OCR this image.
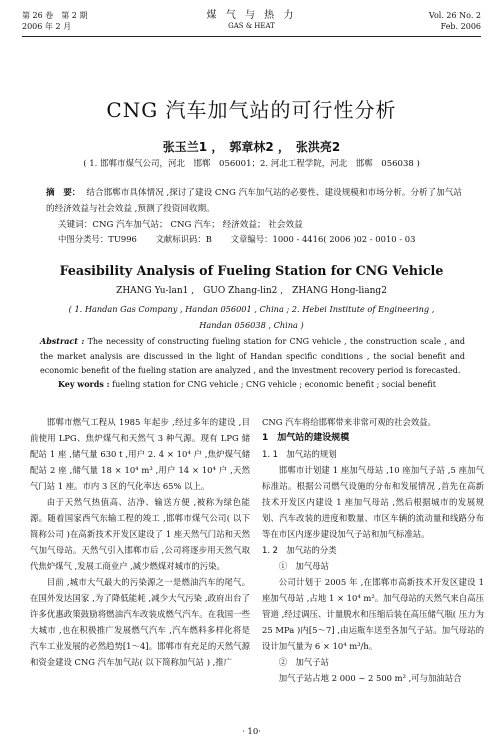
第 26 卷　第 2 期
2006 年 2 月
煤 气 与 热 力
GAS & HEAT
Vol. 26 No. 2
Feb. 2006
CNG 汽车加气站的可行性分析
张玉兰1 ，　郭章林2 ，　张洪亮2
( 1. 邯郸市煤气公司，河北　邯郸　056001；2. 河北工程学院，河北　邯郸　056038 )
摘　要： 结合邯郸市具体情况 ,探讨了建设 CNG 汽车加气站的必要性、建设规模和市场分析。分析了加气站的经济效益与社会效益 ,预测了投资回收期。
关键词：CNG 汽车加气站； CNG 汽车； 经济效益； 社会效益
中图分类号：TU996 文献标识码：B 文章编号：1000 - 4416( 2006 )02 - 0010 - 03
Feasibility Analysis of Fueling Station for CNG Vehicle
ZHANG Yu-lan1 ,　GUO Zhang-lin2 ,　ZHANG Hong-liang2
( 1. Handan Gas Company , Handan 056001 , China ; 2. Hebei Institute of Engineering ,
Handan 056038 , China )
Abstract : The necessity of constructing fueling station for CNG vehicle , the construction scale , and the market analysis are discussed in the light of Handan specific conditions , the social benefit and economic benefit of the fueling station are analyzed , and the investment recovery period is forecasted.
Key words : fueling station for CNG vehicle ; CNG vehicle ; economic benefit ; social benefit

邯郸市燃气工程从 1985 年起步 ,经过多年的建设 ,目前使用 LPG、焦炉煤气和天然气 3 种气源。现有 LPG 储配站 1 座 ,储气量 630 t ,用户 2. 4 × 10⁴ 户 ,焦炉煤气储配站 2 座 ,储气量 18 × 10⁴ m³ ,用户 14 × 10⁴ 户 ,天然气门站 1 座。市内 3 区的气化率达 65% 以上。

由于天然气热值高、洁净、输送方便 ,被称为绿色能源。随着国家西气东输工程的竣工 ,邯郸市煤气公司( 以下简称公司 )在高新技术开发区建设了 1 座天然气门站和天然气加气母站。天然气引入邯郸市后 ,公司将逐步用天然气取代焦炉煤气 ,发展工商业户 ,减少燃煤对城市的污染。

目前 ,城市大气最大的污染源之一是燃油汽车的尾气。在国外发达国家 ,为了降低能耗 ,减少大气污染 ,政府出台了许多优惠政策鼓励将燃油汽车改装成燃气汽车。在我国一些大城市 ,也在积极推广发展燃气汽车 ,汽车燃料多样化将是汽车工业发展的必然趋势[1～4]。邯郸市有充足的天然气源和资金建设 CNG 汽车加气站( 以下简称加气站 ) ,推广

CNG 汽车将给邯郸带来非常可观的社会效益。

1　加气站的建设规模
1. 1　加气站的规划

邯郸市计划建 1 座加气母站 ,10 座加气子站 ,5 座加气标准站。根据公司燃气设施的分布和发展情况 ,首先在高新技术开发区内建设 1 座加气母站 ,然后根据城市的发展规划、汽车改装的进度和数量、市区车辆的流动量和线路分布等在市区内逐步建设加气子站和加气标准站。

1. 2　加气站的分类
①　加气母站

公司计划于 2005 年 ,在邯郸市高新技术开发区建设 1 座加气母站 ,占地 1 × 10⁴ m²。加气母站的天然气来自高压管道 ,经过调压、计量脱水和压缩后装在高压储气瓶( 压力为 25 MPa )内[5～7] ,由运瓶车送至各加气子站。加气母站的设计加气量为 6 × 10⁴ m³/h。

②　加气子站

加气子站占地 2 000 ~ 2 500 m² ,可与加油站合

· 10·
